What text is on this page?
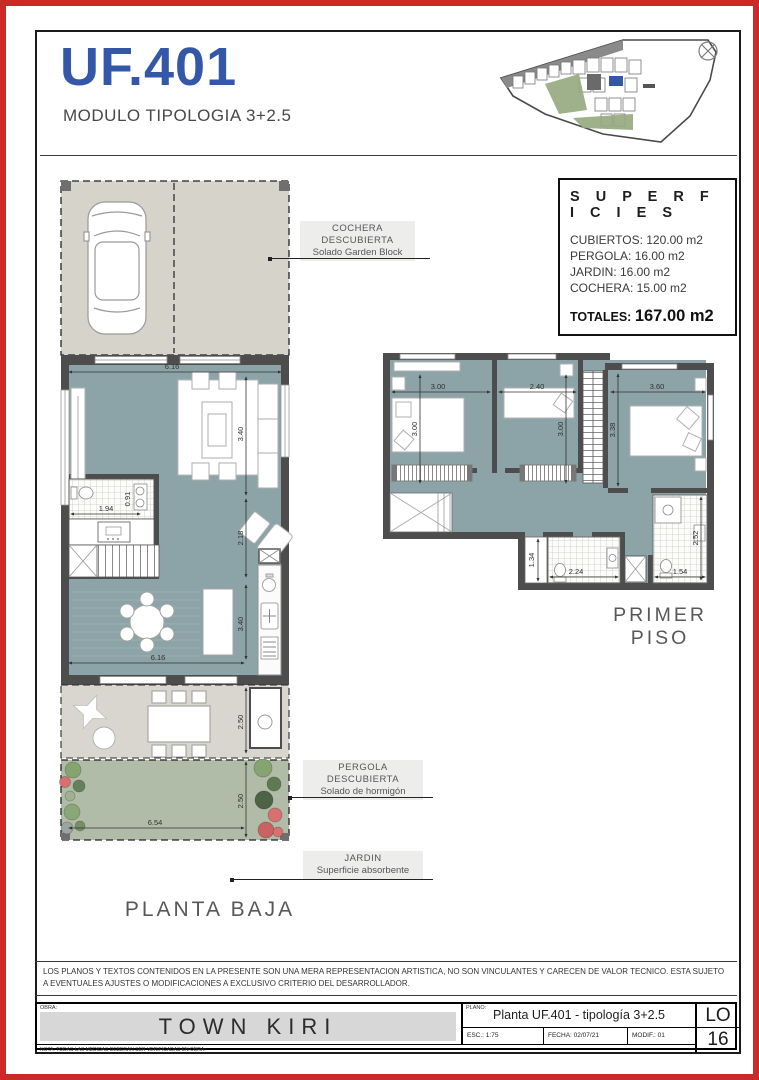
UF.401
MODULO TIPOLOGIA 3+2.5
S U P E R F I C I E S
CUBIERTOS: 120.00 m2
PERGOLA: 16.00 m2
JARDIN: 16.00 m2
COCHERA: 15.00 m2
TOTALES: 167.00 m2
6.16
3.40
2.18
1.94
0.91
6.16
3.40
2.50
2.50
6.54
3.00	2.40	3.60
3.00	3.00	3.38
1.34
2.24	1.54
2.52
COCHERA
DESCUBIERTA
Solado Garden Block
PERGOLA
DESCUBIERTA
Solado de hormigón
JARDIN
Superficie absorbente
PLANTA BAJA
PRIMER PISO
LOS PLANOS Y TEXTOS CONTENIDOS EN LA PRESENTE SON UNA MERA REPRESENTACION ARTISTICA, NO SON VINCULANTES Y CARECEN DE VALOR TECNICO. ESTA SUJETO A EVENTUALES AJUSTES O MODIFICACIONES A EXCLUSIVO CRITERIO DEL DESARROLLADOR.
OBRA:
TOWN KIRI
PLANO: Planta UF.401 - tipología 3+2.5
ESC.: 1:75	FECHA: 02/07/21	MODIF.: 01
NOTA: TODAS LAS MEDIDAS DEBERAN SER VERIFICADAS EN OBRA.
LO
16
